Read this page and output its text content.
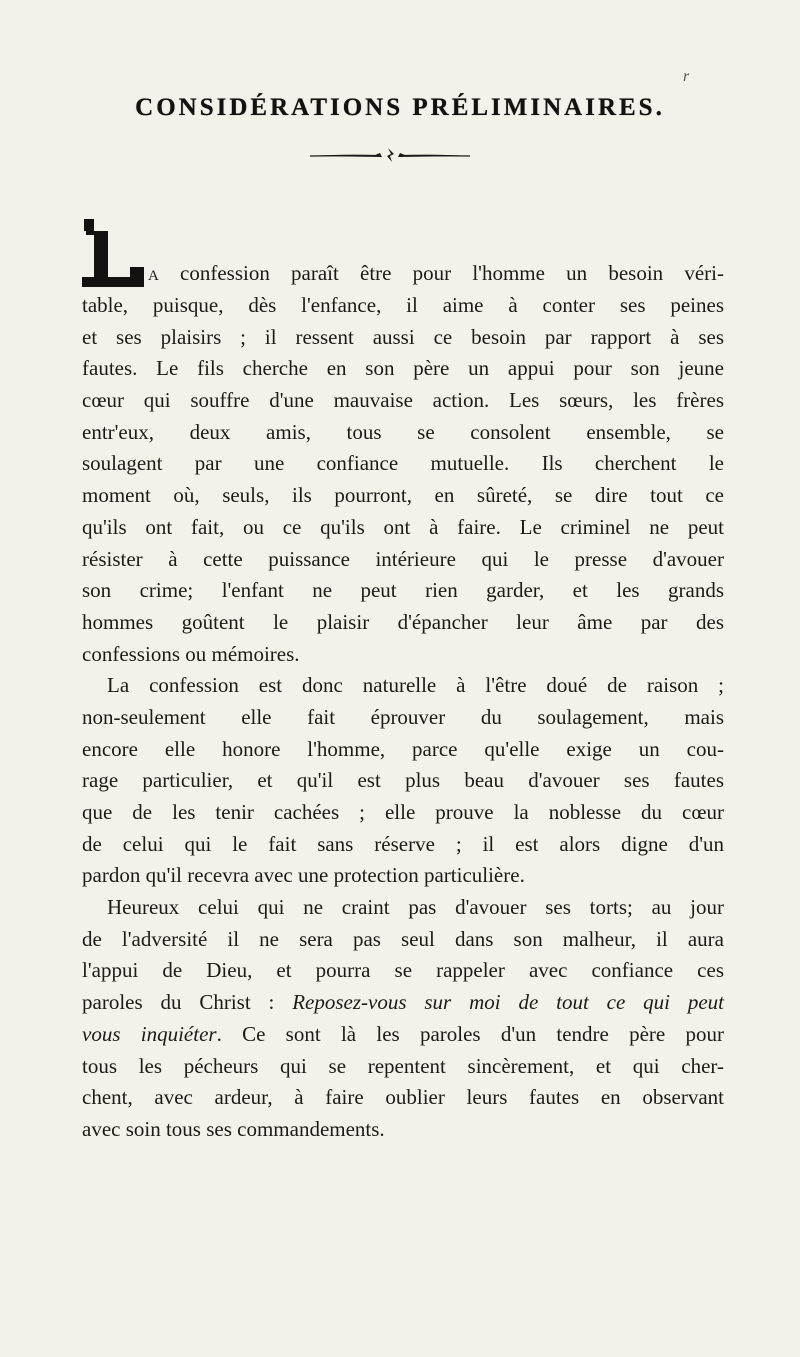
r
CONSIDÉRATIONS PRÉLIMINAIRES.
a confession paraît être pour l'homme un besoin véri-
table, puisque, dès l'enfance, il aime à conter ses peines
et ses plaisirs ; il ressent aussi ce besoin par rapport à ses
fautes. Le fils cherche en son père un appui pour son jeune
cœur qui souffre d'une mauvaise action. Les sœurs, les frères
entr'eux, deux amis, tous se consolent ensemble, se
soulagent par une confiance mutuelle. Ils cherchent le
moment où, seuls, ils pourront, en sûreté, se dire tout ce
qu'ils ont fait, ou ce qu'ils ont à faire. Le criminel ne peut
résister à cette puissance intérieure qui le presse d'avouer
son crime; l'enfant ne peut rien garder, et les grands
hommes goûtent le plaisir d'épancher leur âme par des
confessions ou mémoires.
La confession est donc naturelle à l'être doué de raison ;
non-seulement elle fait éprouver du soulagement, mais
encore elle honore l'homme, parce qu'elle exige un cou-
rage particulier, et qu'il est plus beau d'avouer ses fautes
que de les tenir cachées ; elle prouve la noblesse du cœur
de celui qui le fait sans réserve ; il est alors digne d'un
pardon qu'il recevra avec une protection particulière.
Heureux celui qui ne craint pas d'avouer ses torts; au jour
de l'adversité il ne sera pas seul dans son malheur, il aura
l'appui de Dieu, et pourra se rappeler avec confiance ces
paroles du Christ : Reposez-vous sur moi de tout ce qui peut
vous inquiéter. Ce sont là les paroles d'un tendre père pour
tous les pécheurs qui se repentent sincèrement, et qui cher-
chent, avec ardeur, à faire oublier leurs fautes en observant
avec soin tous ses commandements.
